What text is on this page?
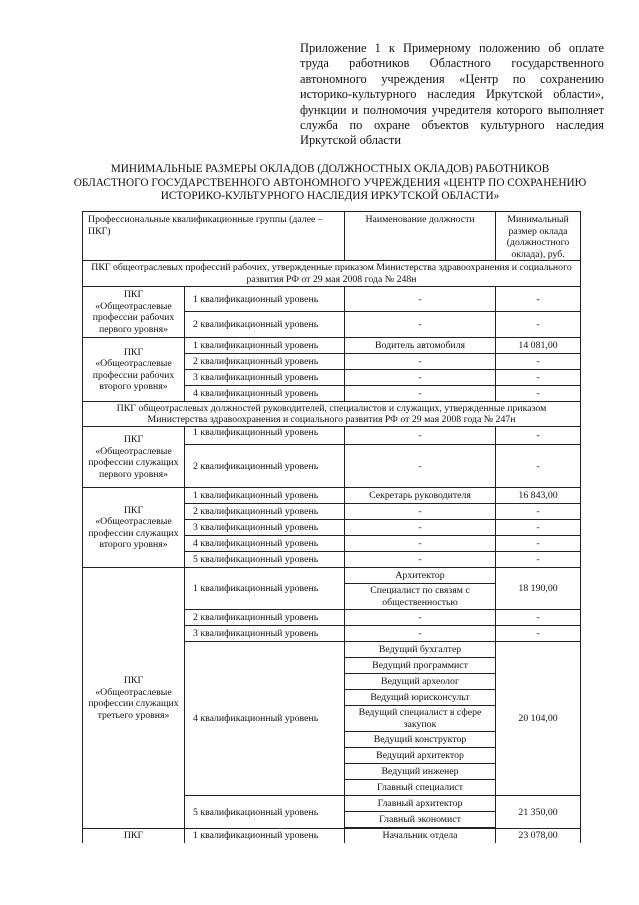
Приложение 1 к Примерному положению об оплате труда работников Областного государственного автономного учреждения «Центр по сохранению историко-культурного наследия Иркутской области», функции и полномочия учредителя которого выполняет служба по охране объектов культурного наследия Иркутской области
МИНИМАЛЬНЫЕ РАЗМЕРЫ ОКЛАДОВ (ДОЛЖНОСТНЫХ ОКЛАДОВ) РАБОТНИКОВ
ОБЛАСТНОГО ГОСУДАРСТВЕННОГО АВТОНОМНОГО УЧРЕЖДЕНИЯ «ЦЕНТР ПО СОХРАНЕНИЮ
ИСТОРИКО-КУЛЬТУРНОГО НАСЛЕДИЯ ИРКУТСКОЙ ОБЛАСТИ»
Профессиональные квалификационные группы (далее – ПКГ)		Наименование должности	Минимальный размер оклада (должностного оклада), руб.
ПКГ общеотраслевых профессий рабочих, утвержденные приказом Министерства здравоохранения и социального развития РФ от 29 мая 2008 года № 248н			
ПКГ «Общеотраслевые профессии рабочих первого уровня»	1 квалификационный уровень	-	-
	2 квалификационный уровень	-	-
ПКГ «Общеотраслевые профессии рабочих второго уровня»	1 квалификационный уровень	Водитель автомобиля	14 081,00
	2 квалификационный уровень	-	-
	3 квалификационный уровень	-	-
	4 квалификационный уровень	-	-
ПКГ общеотраслевых должностей руководителей, специалистов и служащих, утвержденные приказом Министерства здравоохранения и социального развития РФ от 29 мая 2008 года № 247н			
ПКГ «Общеотраслевые профессии служащих первого уровня»	1 квалификационный уровень	-	-
	2 квалификационный уровень	-	-
ПКГ «Общеотраслевые профессии служащих второго уровня»	1 квалификационный уровень	Секретарь руководителя	16 843,00
	2 квалификационный уровень	-	-
	3 квалификационный уровень	-	-
	4 квалификационный уровень	-	-
	5 квалификационный уровень	-	-
ПКГ «Общеотраслевые профессии служащих третьего уровня»	1 квалификационный уровень	Архитектор	18 190,00
		Специалист по связям с общественностью	
	2 квалификационный уровень	-	-
	3 квалификационный уровень	-	-
	4 квалификационный уровень	Ведущий бухгалтер	20 104,00
		Ведущий программист	
		Ведущий археолог	
		Ведущий юрисконсульт	
		Ведущий специалист в сфере закупок	
		Ведущий конструктор	
		Ведущий архитектор	
		Ведущий инженер	
		Главный специалист	
	5 квалификационный уровень	Главный архитектор	21 350,00
		Главный экономист	

ПКГ	1 квалификационный уровень	Начальник отдела	23 078,00
